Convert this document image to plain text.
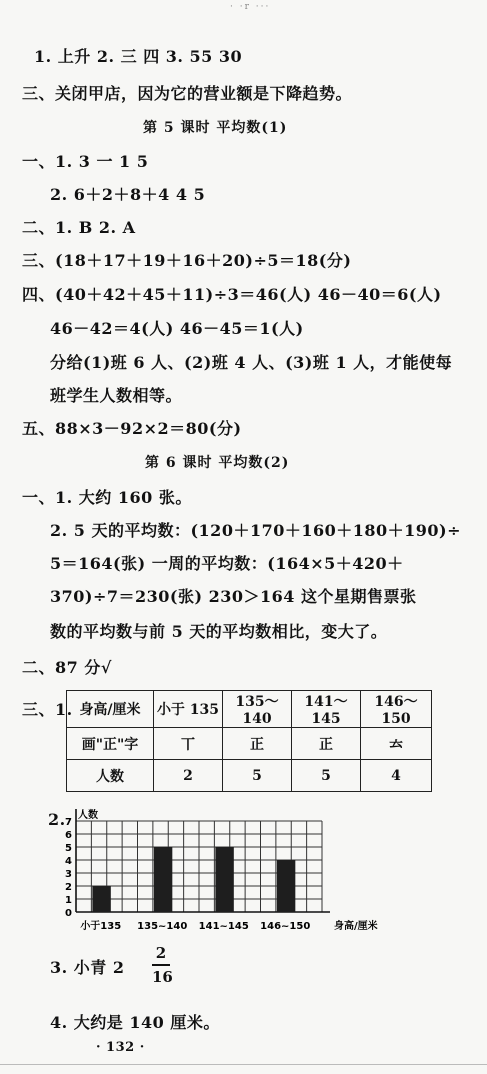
· ·r ···
1. 上升 2. 三 四 3. 55 30
三、关闭甲店，因为它的营业额是下降趋势。
第 5 课时 平均数(1)
一、1. 3 一 1 5
2. 6＋2＋8＋4 4 5
二、1. B 2. A
三、(18＋17＋19＋16＋20)÷5＝18(分)
四、(40＋42＋45＋11)÷3＝46(人) 46－40＝6(人)
46－42＝4(人) 46－45＝1(人)
分给(1)班 6 人、(2)班 4 人、(3)班 1 人，才能使每
班学生人数相等。
五、88×3－92×2＝80(分)
第 6 课时 平均数(2)
一、1. 大约 160 张。
2. 5 天的平均数：(120＋170＋160＋180＋190)÷
5＝164(张) 一周的平均数：(164×5＋420＋
370)÷7＝230(张) 230＞164 这个星期售票张
数的平均数与前 5 天的平均数相比，变大了。
二、87 分√
三、1. 身高/厘米	小于 135	135～140	141～145	146～150
画"正"字	丅	正	正	𠫓
人数	2	5	5	4
2.
0
1
2
3
4
5
6
7
人数
小于135 135~140 141~145 146~150 身高/厘米
3. 小青 2
2
16
4. 大约是 140 厘米。
· 132 ·
